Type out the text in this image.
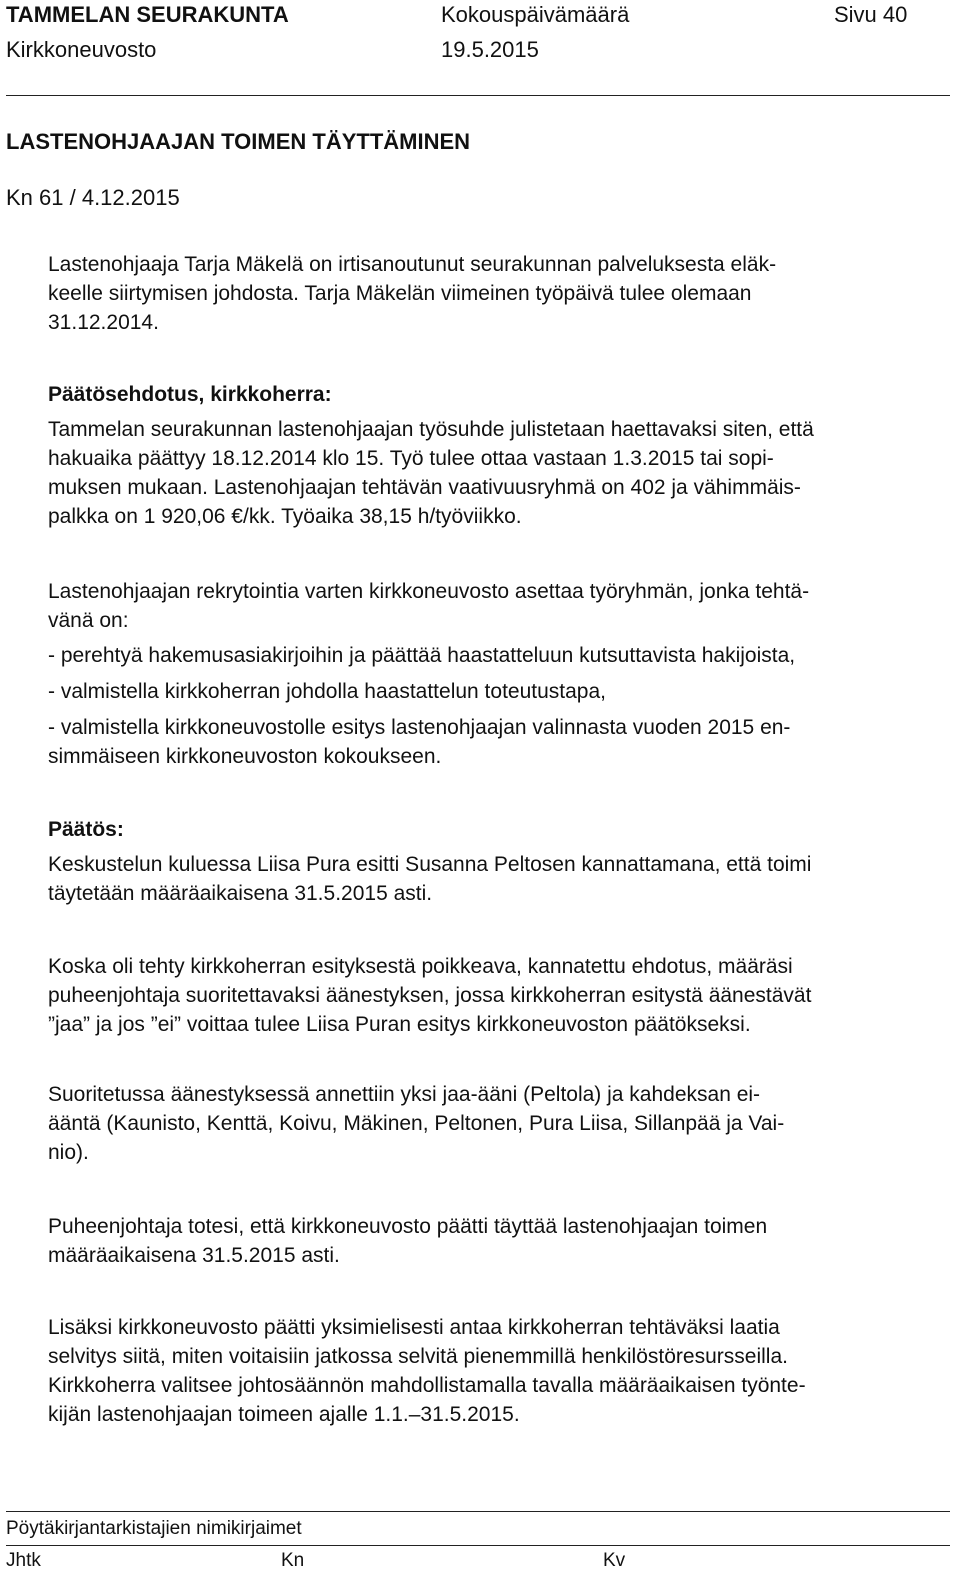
TAMMELAN SEURAKUNTA	Kokouspäivämäärä	Sivu 40
Kirkkoneuvosto	19.5.2015
LASTENOHJAAJAN TOIMEN TÄYTTÄMINEN
Kn 61 / 4.12.2015
Lastenohjaaja Tarja Mäkelä on irtisanoutunut seurakunnan palveluksesta eläk-
keelle siirtymisen johdosta. Tarja Mäkelän viimeinen työpäivä tulee olemaan
31.12.2014.
Päätösehdotus, kirkkoherra:
Tammelan seurakunnan lastenohjaajan työsuhde julistetaan haettavaksi siten, että
hakuaika päättyy 18.12.2014 klo 15. Työ tulee ottaa vastaan 1.3.2015 tai sopi-
muksen mukaan. Lastenohjaajan tehtävän vaativuusryhmä on 402 ja vähimmäis-
palkka on 1 920,06 €/kk. Työaika 38,15 h/työviikko.
Lastenohjaajan rekrytointia varten kirkkoneuvosto asettaa työryhmän, jonka tehtä-
vänä on:
- perehtyä hakemusasiakirjoihin ja päättää haastatteluun kutsuttavista hakijoista,
- valmistella kirkkoherran johdolla haastattelun toteutustapa,
- valmistella kirkkoneuvostolle esitys lastenohjaajan valinnasta vuoden 2015 en-
simmäiseen kirkkoneuvoston kokoukseen.
Päätös:
Keskustelun kuluessa Liisa Pura esitti Susanna Peltosen kannattamana, että toimi
täytetään määräaikaisena 31.5.2015 asti.
Koska oli tehty kirkkoherran esityksestä poikkeava, kannatettu ehdotus, määräsi
puheenjohtaja suoritettavaksi äänestyksen, jossa kirkkoherran esitystä äänestävät
”jaa” ja jos ”ei” voittaa tulee Liisa Puran esitys kirkkoneuvoston päätökseksi.
Suoritetussa äänestyksessä annettiin yksi jaa-ääni (Peltola) ja kahdeksan ei-
ääntä (Kaunisto, Kenttä, Koivu, Mäkinen, Peltonen, Pura Liisa, Sillanpää ja Vai-
nio).
Puheenjohtaja totesi, että kirkkoneuvosto päätti täyttää lastenohjaajan toimen
määräaikaisena 31.5.2015 asti.
Lisäksi kirkkoneuvosto päätti yksimielisesti antaa kirkkoherran tehtäväksi laatia
selvitys siitä, miten voitaisiin jatkossa selvitä pienemmillä henkilöstöresursseilla.
Kirkkoherra valitsee johtosäännön mahdollistamalla tavalla määräaikaisen työnte-
kijän lastenohjaajan toimeen ajalle 1.1.–31.5.2015.
Pöytäkirjantarkistajien nimikirjaimet
Jhtk	Kn	Kv
